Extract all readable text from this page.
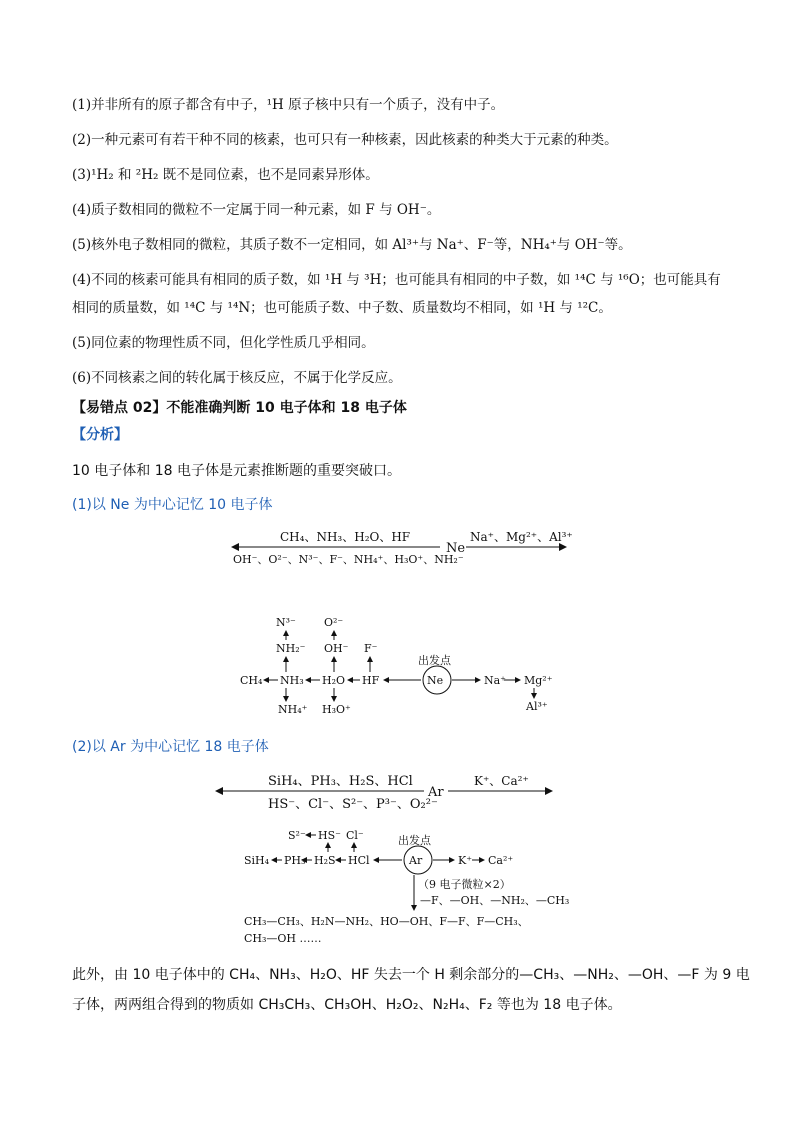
(1)并非所有的原子都含有中子，¹H 原子核中只有一个质子，没有中子。
(2)一种元素可有若干种不同的核素，也可只有一种核素，因此核素的种类大于元素的种类。
(3)¹H₂ 和 ²H₂ 既不是同位素，也不是同素异形体。
(4)质子数相同的微粒不一定属于同一种元素，如 F 与 OH⁻。
(5)核外电子数相同的微粒，其质子数不一定相同，如 Al³⁺与 Na⁺、F⁻等，NH₄⁺与 OH⁻等。
(4)不同的核素可能具有相同的质子数，如 ¹H 与 ³H；也可能具有相同的中子数，如 ¹⁴C 与 ¹⁶O；也可能具有
相同的质量数，如 ¹⁴C 与 ¹⁴N；也可能质子数、中子数、质量数均不相同，如 ¹H 与 ¹²C。
(5)同位素的物理性质不同，但化学性质几乎相同。
(6)不同核素之间的转化属于核反应，不属于化学反应。
【易错点 02】不能准确判断 10 电子体和 18 电子体
【分析】
10 电子体和 18 电子体是元素推断题的重要突破口。
(1)以 Ne 为中心记忆 10 电子体
CH₄、NH₃、H₂O、HF
OH⁻、O²⁻、N³⁻、F⁻、NH₄⁺、H₃O⁺、NH₂⁻
Ne
Na⁺、Mg²⁺、Al³⁺
N³⁻
NH₂⁻
CH₄ NH₃
NH₄⁺
O²⁻
OH⁻
H₂O
H₃O⁺
F⁻
HF
出发点
Ne	Na⁺ Mg²⁺
Al³⁺
(2)以 Ar 为中心记忆 18 电子体
SiH₄、PH₃、H₂S、HCl
HS⁻、Cl⁻、S²⁻、P³⁻、O₂²⁻
Ar
K⁺、Ca²⁺
S²⁻ HS⁻ Cl⁻	出发点
SiH₄ PH₃ H₂S HCl	Ar	K⁺ Ca²⁺
（9 电子微粒×2）
—F、—OH、—NH₂、—CH₃
CH₃—CH₃、H₂N—NH₂、HO—OH、F—F、F—CH₃、
CH₃—OH ……
此外，由 10 电子体中的 CH₄、NH₃、H₂O、HF 失去一个 H 剩余部分的—CH₃、—NH₂、—OH、—F 为 9 电
子体，两两组合得到的物质如 CH₃CH₃、CH₃OH、H₂O₂、N₂H₄、F₂ 等也为 18 电子体。
